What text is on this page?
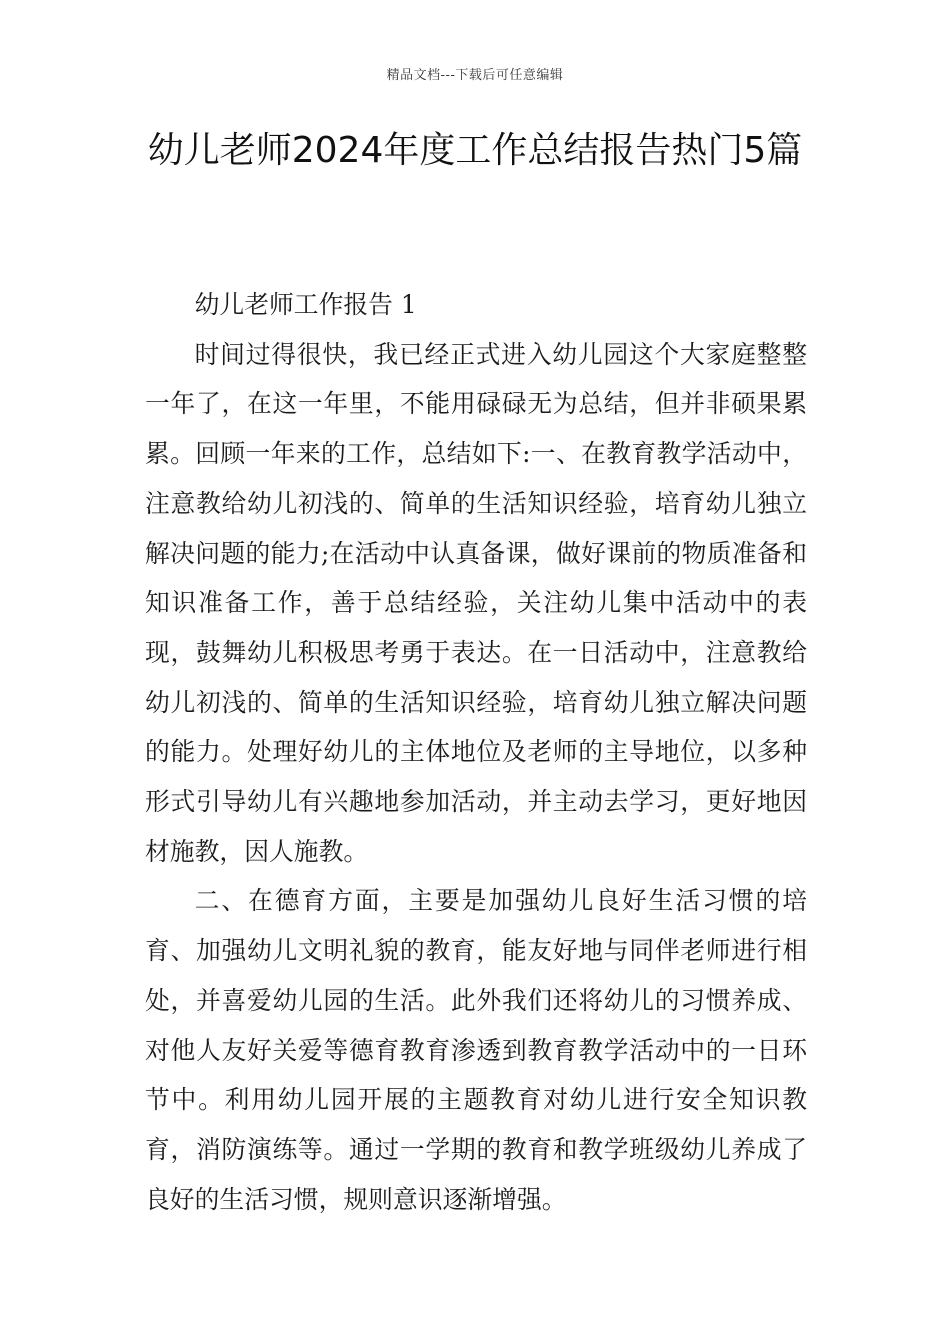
精品文档---下载后可任意编辑
幼儿老师2024年度工作总结报告热门5篇

幼儿老师工作报告 1

时间过得很快，我已经正式进入幼儿园这个大家庭整整一年了，在这一年里，不能用碌碌无为总结，但并非硕果累累。回顾一年来的工作，总结如下:一、在教育教学活动中，注意教给幼儿初浅的、简单的生活知识经验，培育幼儿独立解决问题的能力;在活动中认真备课，做好课前的物质准备和知识准备工作，善于总结经验，关注幼儿集中活动中的表现，鼓舞幼儿积极思考勇于表达。在一日活动中，注意教给幼儿初浅的、简单的生活知识经验，培育幼儿独立解决问题的能力。处理好幼儿的主体地位及老师的主导地位，以多种形式引导幼儿有兴趣地参加活动，并主动去学习，更好地因材施教，因人施教。

二、在德育方面，主要是加强幼儿良好生活习惯的培育、加强幼儿文明礼貌的教育，能友好地与同伴老师进行相处，并喜爱幼儿园的生活。此外我们还将幼儿的习惯养成、对他人友好关爱等德育教育渗透到教育教学活动中的一日环节中。利用幼儿园开展的主题教育对幼儿进行安全知识教育，消防演练等。通过一学期的教育和教学班级幼儿养成了良好的生活习惯，规则意识逐渐增强。
